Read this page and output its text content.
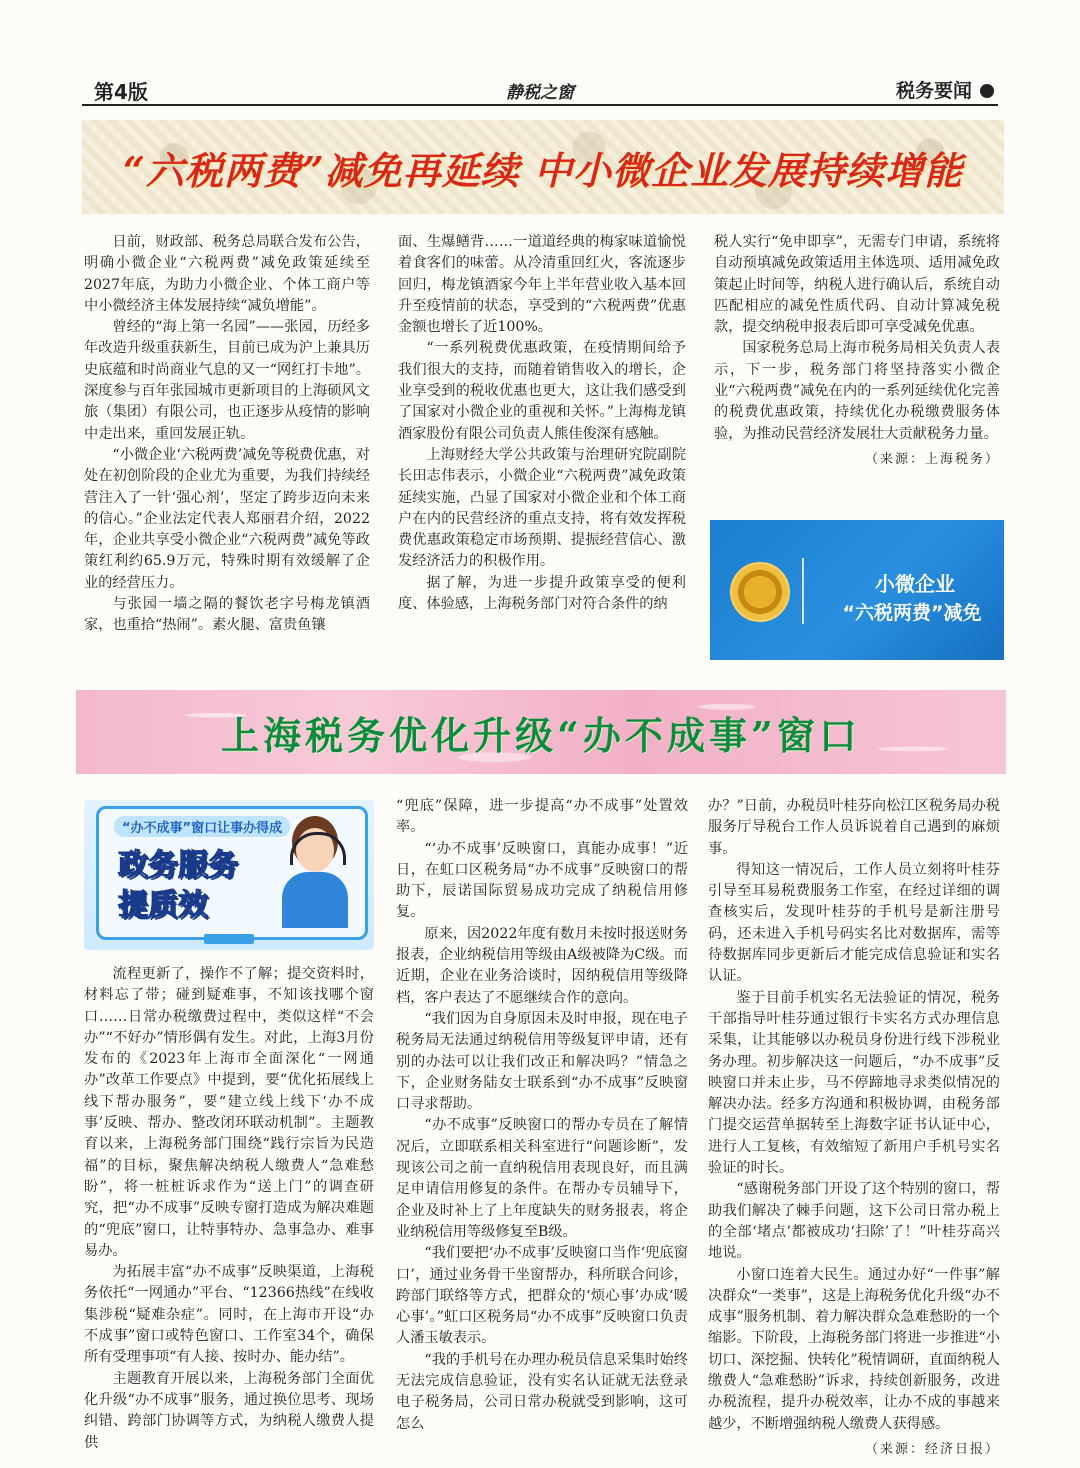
第4版	静税之窗	税务要闻
“六税两费”减免再延续 中小微企业发展持续增能

日前，财政部、税务总局联合发布公告，明确小微企业“六税两费”减免政策延续至2027年底，为助力小微企业、个体工商户等中小微经济主体发展持续“减负增能”。

曾经的“海上第一名园”——张园，历经多年改造升级重获新生，目前已成为沪上兼具历史底蕴和时尚商业气息的又一“网红打卡地”。深度参与百年张园城市更新项目的上海硕风文旅（集团）有限公司，也正逐步从疫情的影响中走出来，重回发展正轨。

“小微企业‘六税两费’减免等税费优惠，对处在初创阶段的企业尤为重要，为我们持续经营注入了一针‘强心剂’，坚定了跨步迈向未来的信心。”企业法定代表人郑丽君介绍，2022年，企业共享受小微企业“六税两费”减免等政策红利约65.9万元，特殊时期有效缓解了企业的经营压力。

与张园一墙之隔的餐饮老字号梅龙镇酒家，也重拾“热闹”。素火腿、富贵鱼镶

面、生爆鳝背……一道道经典的梅家味道愉悦着食客们的味蕾。从冷清重回红火，客流逐步回归，梅龙镇酒家今年上半年营业收入基本回升至疫情前的状态，享受到的“六税两费”优惠金额也增长了近100%。

“一系列税费优惠政策，在疫情期间给予我们很大的支持，而随着销售收入的增长，企业享受到的税收优惠也更大，这让我们感受到了国家对小微企业的重视和关怀。”上海梅龙镇酒家股份有限公司负责人熊佳俊深有感触。

上海财经大学公共政策与治理研究院副院长田志伟表示，小微企业“六税两费”减免政策延续实施，凸显了国家对小微企业和个体工商户在内的民营经济的重点支持，将有效发挥税费优惠政策稳定市场预期、提振经营信心、激发经济活力的积极作用。

据了解，为进一步提升政策享受的便利度、体验感，上海税务部门对符合条件的纳

税人实行“免申即享”，无需专门申请，系统将自动预填减免政策适用主体选项、适用减免政策起止时间等，纳税人进行确认后，系统自动匹配相应的减免性质代码、自动计算减免税款，提交纳税申报表后即可享受减免优惠。

国家税务总局上海市税务局相关负责人表示，下一步，税务部门将坚持落实小微企业“六税两费”减免在内的一系列延续优化完善的税费优惠政策，持续优化办税缴费服务体验，为推动民营经济发展壮大贡献税务力量。

（来源：上海税务）
小微企业
“六税两费”减免
上海税务优化升级“办不成事”窗口
“办不成事”窗口让事办得成
政务服务
提质效

流程更新了，操作不了解；提交资料时，材料忘了带；碰到疑难事，不知该找哪个窗口……日常办税缴费过程中，类似这样“不会办”“不好办”情形偶有发生。对此，上海3月份发布的《2023年上海市全面深化“一网通办”改革工作要点》中提到，要“优化拓展线上线下帮办服务”，要“建立线上线下‘办不成事’反映、帮办、整改闭环联动机制”。主题教育以来，上海税务部门围绕“践行宗旨为民造福”的目标，聚焦解决纳税人缴费人“急难愁盼”，将一桩桩诉求作为“送上门”的调查研究，把“办不成事”反映专窗打造成为解决难题的“兜底”窗口，让特事特办、急事急办、难事易办。

为拓展丰富“办不成事”反映渠道，上海税务依托“一网通办”平台、“12366热线”在线收集涉税“疑难杂症”。同时，在上海市开设“办不成事”窗口或特色窗口、工作室34个，确保所有受理事项“有人接、按时办、能办结”。

主题教育开展以来，上海税务部门全面优化升级“办不成事”服务，通过换位思考、现场纠错、跨部门协调等方式，为纳税人缴费人提供

“兜底”保障，进一步提高“办不成事”处置效率。

“‘办不成事’反映窗口，真能办成事！”近日，在虹口区税务局“办不成事”反映窗口的帮助下，辰诺国际贸易成功完成了纳税信用修复。

原来，因2022年度有数月未按时报送财务报表，企业纳税信用等级由A级被降为C级。而近期，企业在业务洽谈时，因纳税信用等级降档，客户表达了不愿继续合作的意向。

“我们因为自身原因未及时申报，现在电子税务局无法通过纳税信用等级复评申请，还有别的办法可以让我们改正和解决吗？”情急之下，企业财务陆女士联系到“办不成事”反映窗口寻求帮助。

“办不成事”反映窗口的帮办专员在了解情况后，立即联系相关科室进行“问题诊断”，发现该公司之前一直纳税信用表现良好，而且满足申请信用修复的条件。在帮办专员辅导下，企业及时补上了上年度缺失的财务报表，将企业纳税信用等级修复至B级。

“我们要把‘办不成事’反映窗口当作‘兜底窗口’，通过业务骨干坐窗帮办，科所联合问诊，跨部门联络等方式，把群众的‘烦心事’办成‘暖心事’。”虹口区税务局“办不成事”反映窗口负责人潘玉敏表示。

“我的手机号在办理办税员信息采集时始终无法完成信息验证，没有实名认证就无法登录电子税务局，公司日常办税就受到影响，这可怎么

办？”日前，办税员叶桂芬向松江区税务局办税服务厅导税台工作人员诉说着自己遇到的麻烦事。

得知这一情况后，工作人员立刻将叶桂芬引导至耳易税费服务工作室，在经过详细的调查核实后，发现叶桂芬的手机号是新注册号码，还未进入手机号码实名比对数据库，需等待数据库同步更新后才能完成信息验证和实名认证。

鉴于目前手机实名无法验证的情况，税务干部指导叶桂芬通过银行卡实名方式办理信息采集，让其能够以办税员身份进行线下涉税业务办理。初步解决这一问题后，“办不成事”反映窗口并未止步，马不停蹄地寻求类似情况的解决办法。经多方沟通和积极协调，由税务部门提交运营单据转至上海数字证书认证中心，进行人工复核，有效缩短了新用户手机号实名验证的时长。

“感谢税务部门开设了这个特别的窗口，帮助我们解决了棘手问题，这下公司日常办税上的全部‘堵点’都被成功‘扫除’了！”叶桂芬高兴地说。

小窗口连着大民生。通过办好“一件事”解决群众“一类事”，这是上海税务优化升级“办不成事”服务机制、着力解决群众急难愁盼的一个缩影。下阶段，上海税务部门将进一步推进“小切口、深挖掘、快转化”税情调研，直面纳税人缴费人“急难愁盼”诉求，持续创新服务，改进办税流程，提升办税效率，让办不成的事越来越少，不断增强纳税人缴费人获得感。

（来源：经济日报）
